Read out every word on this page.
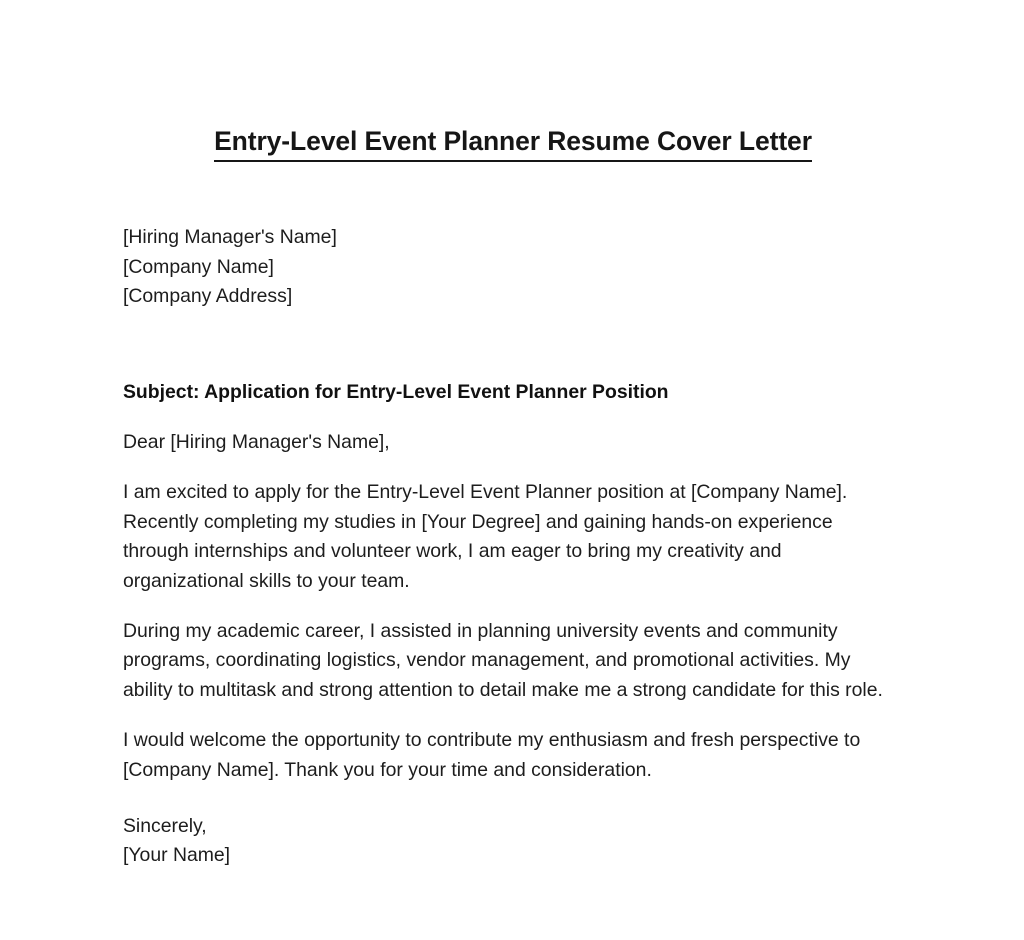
Entry-Level Event Planner Resume Cover Letter
[Hiring Manager's Name]
[Company Name]
[Company Address]
Subject: Application for Entry-Level Event Planner Position
Dear [Hiring Manager's Name],

I am excited to apply for the Entry-Level Event Planner position at [Company Name]. Recently completing my studies in [Your Degree] and gaining hands-on experience through internships and volunteer work, I am eager to bring my creativity and organizational skills to your team.

During my academic career, I assisted in planning university events and community programs, coordinating logistics, vendor management, and promotional activities. My ability to multitask and strong attention to detail make me a strong candidate for this role.

I would welcome the opportunity to contribute my enthusiasm and fresh perspective to [Company Name]. Thank you for your time and consideration.

Sincerely,
[Your Name]
